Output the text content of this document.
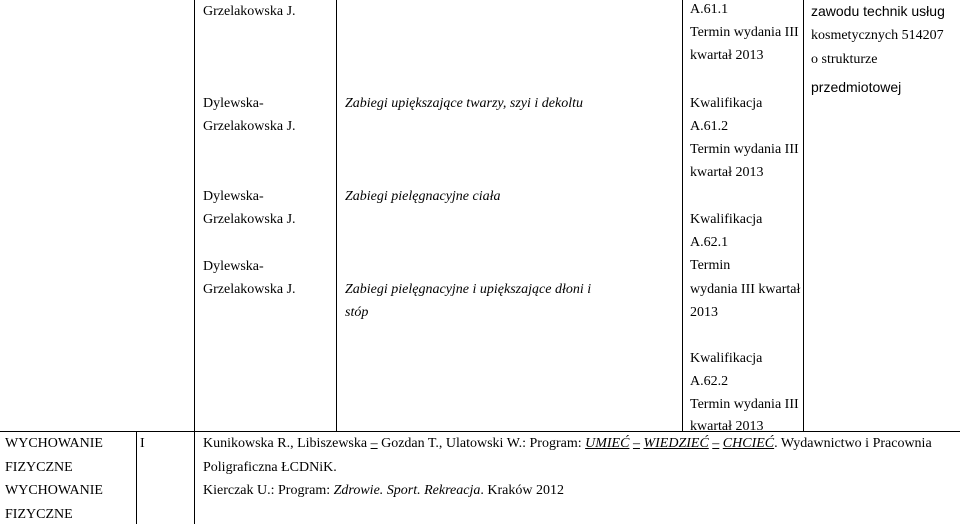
Grzelakowska J.
Dylewska-
Grzelakowska J.
Dylewska-
Grzelakowska J.
Dylewska-
Grzelakowska J.
Zabiegi upiększające twarzy, szyi i dekoltu
Zabiegi pielęgnacyjne ciała
Zabiegi pielęgnacyjne i upiększające dłoni i
stóp
A.61.1
Termin wydania III
kwartał 2013
Kwalifikacja
A.61.2
Termin wydania III
kwartał 2013
Kwalifikacja
A.62.1
Termin
wydania III kwartał
2013
Kwalifikacja
A.62.2
Termin wydania III
kwartał 2013
zawodu technik usług
kosmetycznych 514207
o strukturze
przedmiotowej
WYCHOWANIE
FIZYCZNE
WYCHOWANIE
FIZYCZNE
I	Kunikowska R., Libiszewska – Gozdan T., Ulatowski W.: Program: UMIEĆ – WIEDZIEĆ – CHCIEĆ. Wydawnictwo i Pracownia
Poligraficzna ŁCDNiK.
Kierczak U.: Program: Zdrowie. Sport. Rekreacja. Kraków 2012
